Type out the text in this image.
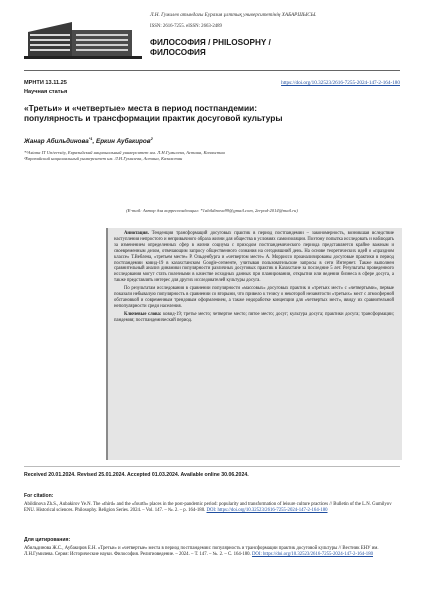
Л.Н. Гумилев атындағы Еуразия ұлттық университетінің ХАБАРШЫСЫ.
ISSN: 2616-7255. eISSN: 2663-2489
ФИЛОСОФИЯ / PHILOSOPHY /
ФИЛОСОФИЯ
МРНТИ 13.11.25	https://doi.org/10.32523/2616-7255-2024-147-2-164-180
Научная статья
«Третьи» и «четвертые» места в период постпандемии:
популярность и трансформации практик досуговой культуры
Жанар Абильдинова$^{*1}$, Еркин Аубакиров$^2$
*¹Astana IT University, Евразийский национальный университет им. Л.Н.Гумилева, Астана, Казахстан
²Евразийский национальный университет им. Л.Н.Гумилева, Астана, Казахстан
(E-mail: Автор для корреспонденции: *1abildinova99@gmail.com, 2erpod-2014@mail.ru)

Аннотация. Тенденция трансформаций досуговых практик в период постпандемии – закономерность, возникшая вследствие наступления непростого и непривычного образа жизни для общества в условиях самоизоляции. Поэтому попытка исследовать и наблюдать за изменением определенных сфер в жизни социума с приходом постпандемического периода представляется крайне важным и своевременным делом, отвечающим запросу общественного сознания на сегодняшний день. На основе теоретических идей о «праздном классе» Т.Веблена, «третьем месте» Р. Ольденбурга и «четвертом месте» А. Морриссо проанализированы досуговые практики в период постпандемии ковид-19 в казахстанском Google-сегменте, учитывая пользовательские запросы в сети Интернет. Также выполнен сравнительный анализ динамики популярности различных досуговых практик в Казахстане за последние 5 лет. Результаты проведенного исследования могут стать полезными в качестве исходных данных при планировании, открытии или ведении бизнеса в сфере досуга, а также представлять интерес для других исследователей культуры досуга.

По результатам исследования в сравнении популярности «массовых» досуговых практик и «третьих мест» с «четвертыми», первые показали небывалую популярность в сравнении со вторыми, что привело к тезису о некоторой незанятости «третьих» мест с атмосферной обстановкой и современным трендовым оформлением, а также недоработке концепции для «четвертых мест», ввиду их сравнительной непопулярности среди населения.

Ключевые слова: ковид-19; третье место; четвертое место; пятое место; досуг; культура досуга; практики досуга; трансформации; пандемия; постпандемический период.

Received 20.01.2024. Revised 25.01.2024. Accepted 01.03.2024. Available online 30.06.2024.
For citation:
Abildinova Zh.S., Aubakirov Ye.N. The «third» and the «fourth» places in the post-pandemic period: popularity and transformation of leisure culture practices // Bulletin of the L.N. Gumilyov ENU. Historical sciences. Philosophy. Religion Series. 2024. – Vol. 147. – №. 2. – p. 164-180. DOI: https://doi.org/10.32523/2616-7255-2024-147-2-164-180
Для цитирования:
Абильдинова Ж.С., Аубакиров Е.Н. «Третьи» и «четвертые» места в период постпандемии: популярность и трансформации практик досуговой культуры // Вестник ЕНУ им. Л.Н.Гумилева. Серия: Исторические науки. Философия. Религиоведение. – 2024. – Т. 147. – №. 2. – С. 164-180. DOI: https://doi.org/10.32523/2616-7255-2024-147-2-164-180
